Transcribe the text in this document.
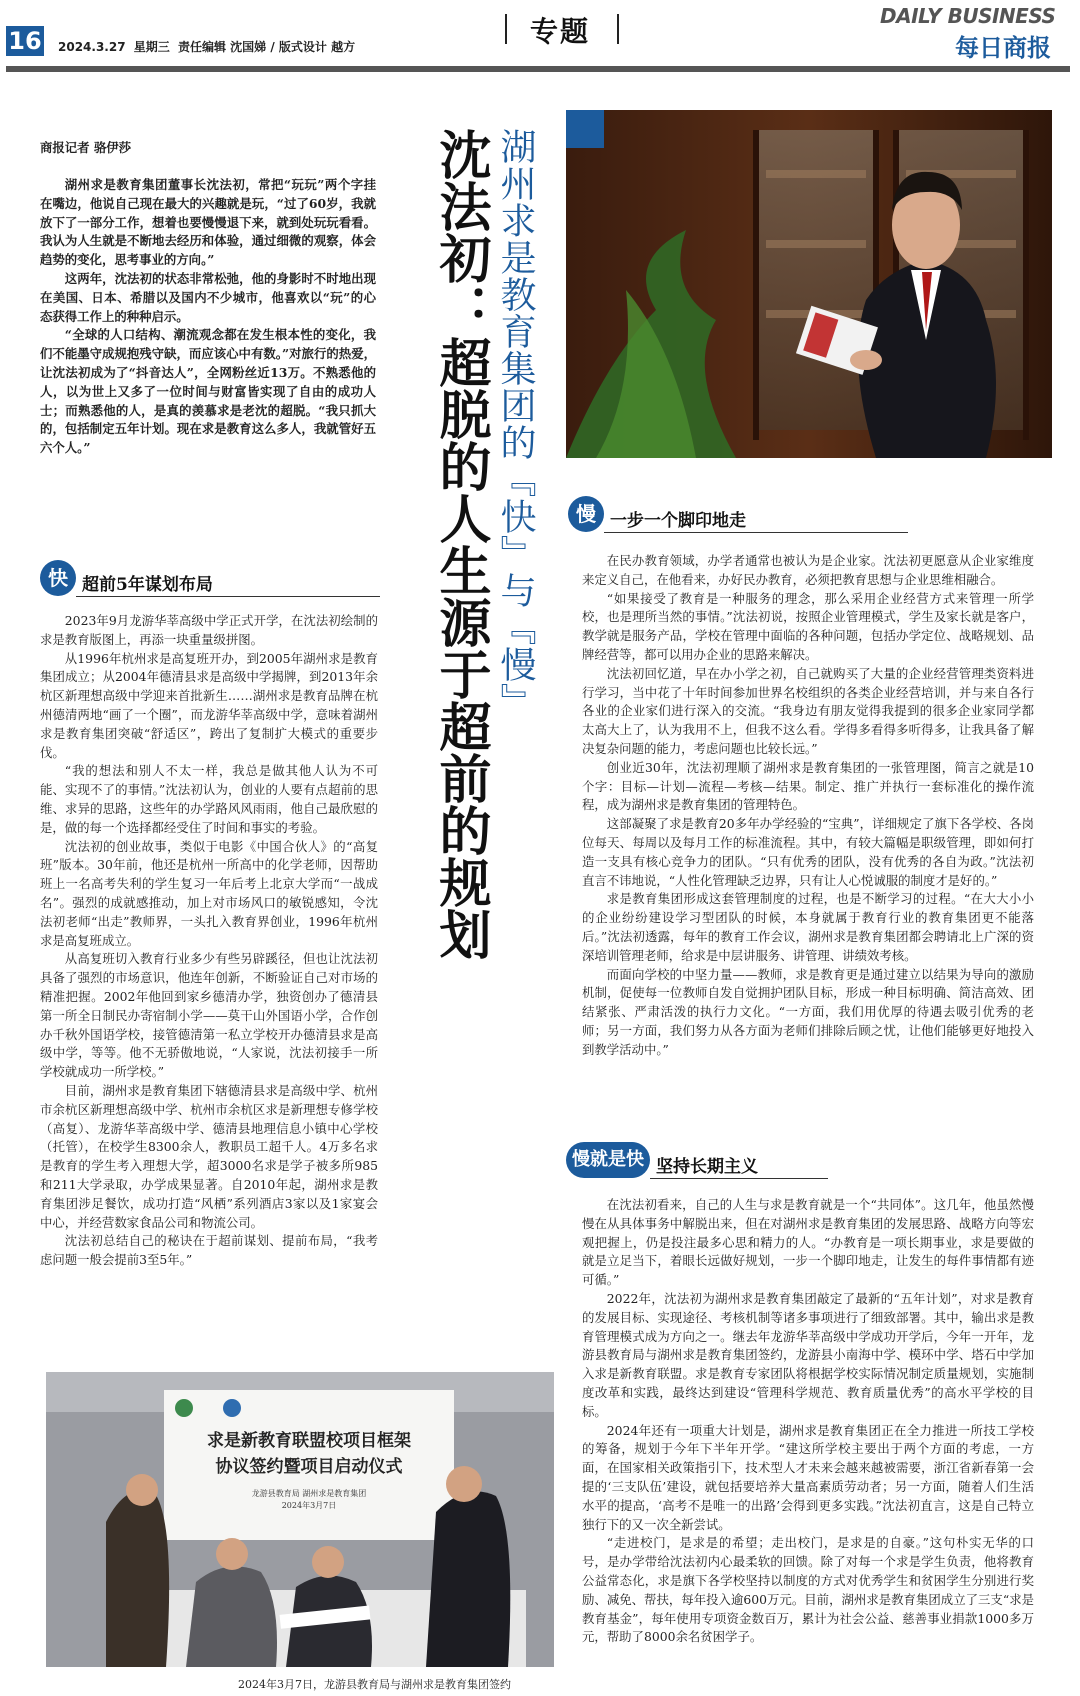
16 2024.3.27 星期三 责任编辑 沈国娣 / 版式设计 越方	专题	DAILY BUSINESS
每日商报
湖州求是教育集团的『快』与『慢』
沈法初：超脱的人生源于超前的规划
商报记者 骆伊莎

湖州求是教育集团董事长沈法初，常把“玩玩”两个字挂在嘴边，他说自己现在最大的兴趣就是玩，“过了60岁，我就放下了一部分工作，想着也要慢慢退下来，就到处玩玩看看。我认为人生就是不断地去经历和体验，通过细微的观察，体会趋势的变化，思考事业的方向。”

这两年，沈法初的状态非常松弛，他的身影时不时地出现在美国、日本、希腊以及国内不少城市，他喜欢以“玩”的心态获得工作上的种种启示。

“全球的人口结构、潮流观念都在发生根本性的变化，我们不能墨守成规抱残守缺，而应该心中有数。”对旅行的热爱，让沈法初成为了“抖音达人”，全网粉丝近13万。不熟悉他的人，以为世上又多了一位时间与财富皆实现了自由的成功人士；而熟悉他的人，是真的羡慕求是老沈的超脱。“我只抓大的，包括制定五年计划。现在求是教育这么多人，我就管好五六个人。”

快 超前5年谋划布局

2023年9月龙游华莘高级中学正式开学，在沈法初绘制的求是教育版图上，再添一块重量级拼图。

从1996年杭州求是高复班开办，到2005年湖州求是教育集团成立；从2004年德清县求是高级中学揭牌，到2013年余杭区新理想高级中学迎来首批新生……湖州求是教育品牌在杭州德清两地“画了一个圈”，而龙游华莘高级中学，意味着湖州求是教育集团突破“舒适区”，跨出了复制扩大模式的重要步伐。

“我的想法和别人不太一样，我总是做其他人认为不可能、实现不了的事情。”沈法初认为，创业的人要有点超前的思维、求异的思路，这些年的办学路风风雨雨，他自己最欣慰的是，做的每一个选择都经受住了时间和事实的考验。

沈法初的创业故事，类似于电影《中国合伙人》的“高复班”版本。30年前，他还是杭州一所高中的化学老师，因帮助班上一名高考失利的学生复习一年后考上北京大学而“一战成名”。强烈的成就感推动，加上对市场风口的敏锐感知，令沈法初老师“出走”教师界，一头扎入教育界创业，1996年杭州求是高复班成立。

从高复班切入教育行业多少有些另辟蹊径，但也让沈法初具备了强烈的市场意识，他连年创新，不断验证自己对市场的精准把握。2002年他回到家乡德清办学，独资创办了德清县第一所全日制民办寄宿制小学——莫干山外国语小学，合作创办千秋外国语学校，接管德清第一私立学校开办德清县求是高级中学，等等。他不无骄傲地说，“人家说，沈法初接手一所学校就成功一所学校。”

目前，湖州求是教育集团下辖德清县求是高级中学、杭州市余杭区新理想高级中学、杭州市余杭区求是新理想专修学校（高复）、龙游华莘高级中学、德清县地理信息小镇中心学校（托管），在校学生8300余人，教职员工超千人。4万多名求是教育的学生考入理想大学，超3000名求是学子被多所985和211大学录取，办学成果显著。自2010年起，湖州求是教育集团涉足餐饮，成功打造“风栖”系列酒店3家以及1家宴会中心，并经营数家食品公司和物流公司。

沈法初总结自己的秘诀在于超前谋划、提前布局，“我考虑问题一般会提前3至5年。”

慢 一步一个脚印地走

在民办教育领域，办学者通常也被认为是企业家。沈法初更愿意从企业家维度来定义自己，在他看来，办好民办教育，必须把教育思想与企业思维相融合。

“如果接受了教育是一种服务的理念，那么采用企业经营方式来管理一所学校，也是理所当然的事情。”沈法初说，按照企业管理模式，学生及家长就是客户，教学就是服务产品，学校在管理中面临的各种问题，包括办学定位、战略规划、品牌经营等，都可以用办企业的思路来解决。

沈法初回忆道，早在办小学之初，自己就购买了大量的企业经营管理类资料进行学习，当中花了十年时间参加世界名校组织的各类企业经营培训，并与来自各行各业的企业家们进行深入的交流。“我身边有朋友觉得我提到的很多企业家同学都太高大上了，认为我用不上，但我不这么看。学得多看得多听得多，让我具备了解决复杂问题的能力，考虑问题也比较长远。”

创业近30年，沈法初理顺了湖州求是教育集团的一张管理图，简言之就是10个字：目标—计划—流程—考核—结果。制定、推广并执行一套标准化的操作流程，成为湖州求是教育集团的管理特色。

这部凝聚了求是教育20多年办学经验的“宝典”，详细规定了旗下各学校、各岗位每天、每周以及每月工作的标准流程。其中，有较大篇幅是职级管理，即如何打造一支具有核心竞争力的团队。“只有优秀的团队，没有优秀的各自为政。”沈法初直言不讳地说，“人性化管理缺乏边界，只有让人心悦诚服的制度才是好的。”

求是教育集团形成这套管理制度的过程，也是不断学习的过程。“在大大小小的企业纷纷建设学习型团队的时候，本身就属于教育行业的教育集团更不能落后。”沈法初透露，每年的教育工作会议，湖州求是教育集团都会聘请北上广深的资深培训管理老师，给求是中层讲服务、讲管理、讲绩效考核。

而面向学校的中坚力量——教师，求是教育更是通过建立以结果为导向的激励机制，促使每一位教师自发自觉拥护团队目标，形成一种目标明确、简洁高效、团结紧张、严肃活泼的执行力文化。“一方面，我们用优厚的待遇去吸引优秀的老师；另一方面，我们努力从各方面为老师们排除后顾之忧，让他们能够更好地投入到教学活动中。”

慢就是快 坚持长期主义

在沈法初看来，自己的人生与求是教育就是一个“共同体”。这几年，他虽然慢慢在从具体事务中解脱出来，但在对湖州求是教育集团的发展思路、战略方向等宏观把握上，仍是投注最多心思和精力的人。“办教育是一项长期事业，求是要做的就是立足当下，着眼长远做好规划，一步一个脚印地走，让发生的每件事情都有迹可循。”

2022年，沈法初为湖州求是教育集团敲定了最新的“五年计划”，对求是教育的发展目标、实现途径、考核机制等诸多事项进行了细致部署。其中，输出求是教育管理模式成为方向之一。继去年龙游华莘高级中学成功开学后，今年一开年，龙游县教育局与湖州求是教育集团签约，龙游县小南海中学、模环中学、塔石中学加入求是新教育联盟。求是教育专家团队将根据学校实际情况制定质量规划，实施制度改革和实践，最终达到建设“管理科学规范、教育质量优秀”的高水平学校的目标。

2024年还有一项重大计划是，湖州求是教育集团正在全力推进一所技工学校的筹备，规划于今年下半年开学。“建这所学校主要出于两个方面的考虑，一方面，在国家相关政策指引下，技术型人才未来会越来越被需要，浙江省新春第一会提的‘三支队伍’建设，就包括要培养大量高素质劳动者；另一方面，随着人们生活水平的提高，‘高考不是唯一的出路’会得到更多实践。”沈法初直言，这是自己特立独行下的又一次全新尝试。

“走进校门，是求是的希望；走出校门，是求是的自豪。”这句朴实无华的口号，是办学带给沈法初内心最柔软的回馈。除了对每一个求是学生负责，他将教育公益常态化，求是旗下各学校坚持以制度的方式对优秀学生和贫困学生分别进行奖励、减免、帮扶，每年投入逾600万元。目前，湖州求是教育集团成立了三支“求是教育基金”，每年使用专项资金数百万，累计为社会公益、慈善事业捐款1000多万元，帮助了8000余名贫困学子。

求是新教育联盟校项目框架
协议签约暨项目启动仪式
龙游县教育局 湖州求是教育集团
2024年3月7日
2024年3月7日，龙游县教育局与湖州求是教育集团签约
